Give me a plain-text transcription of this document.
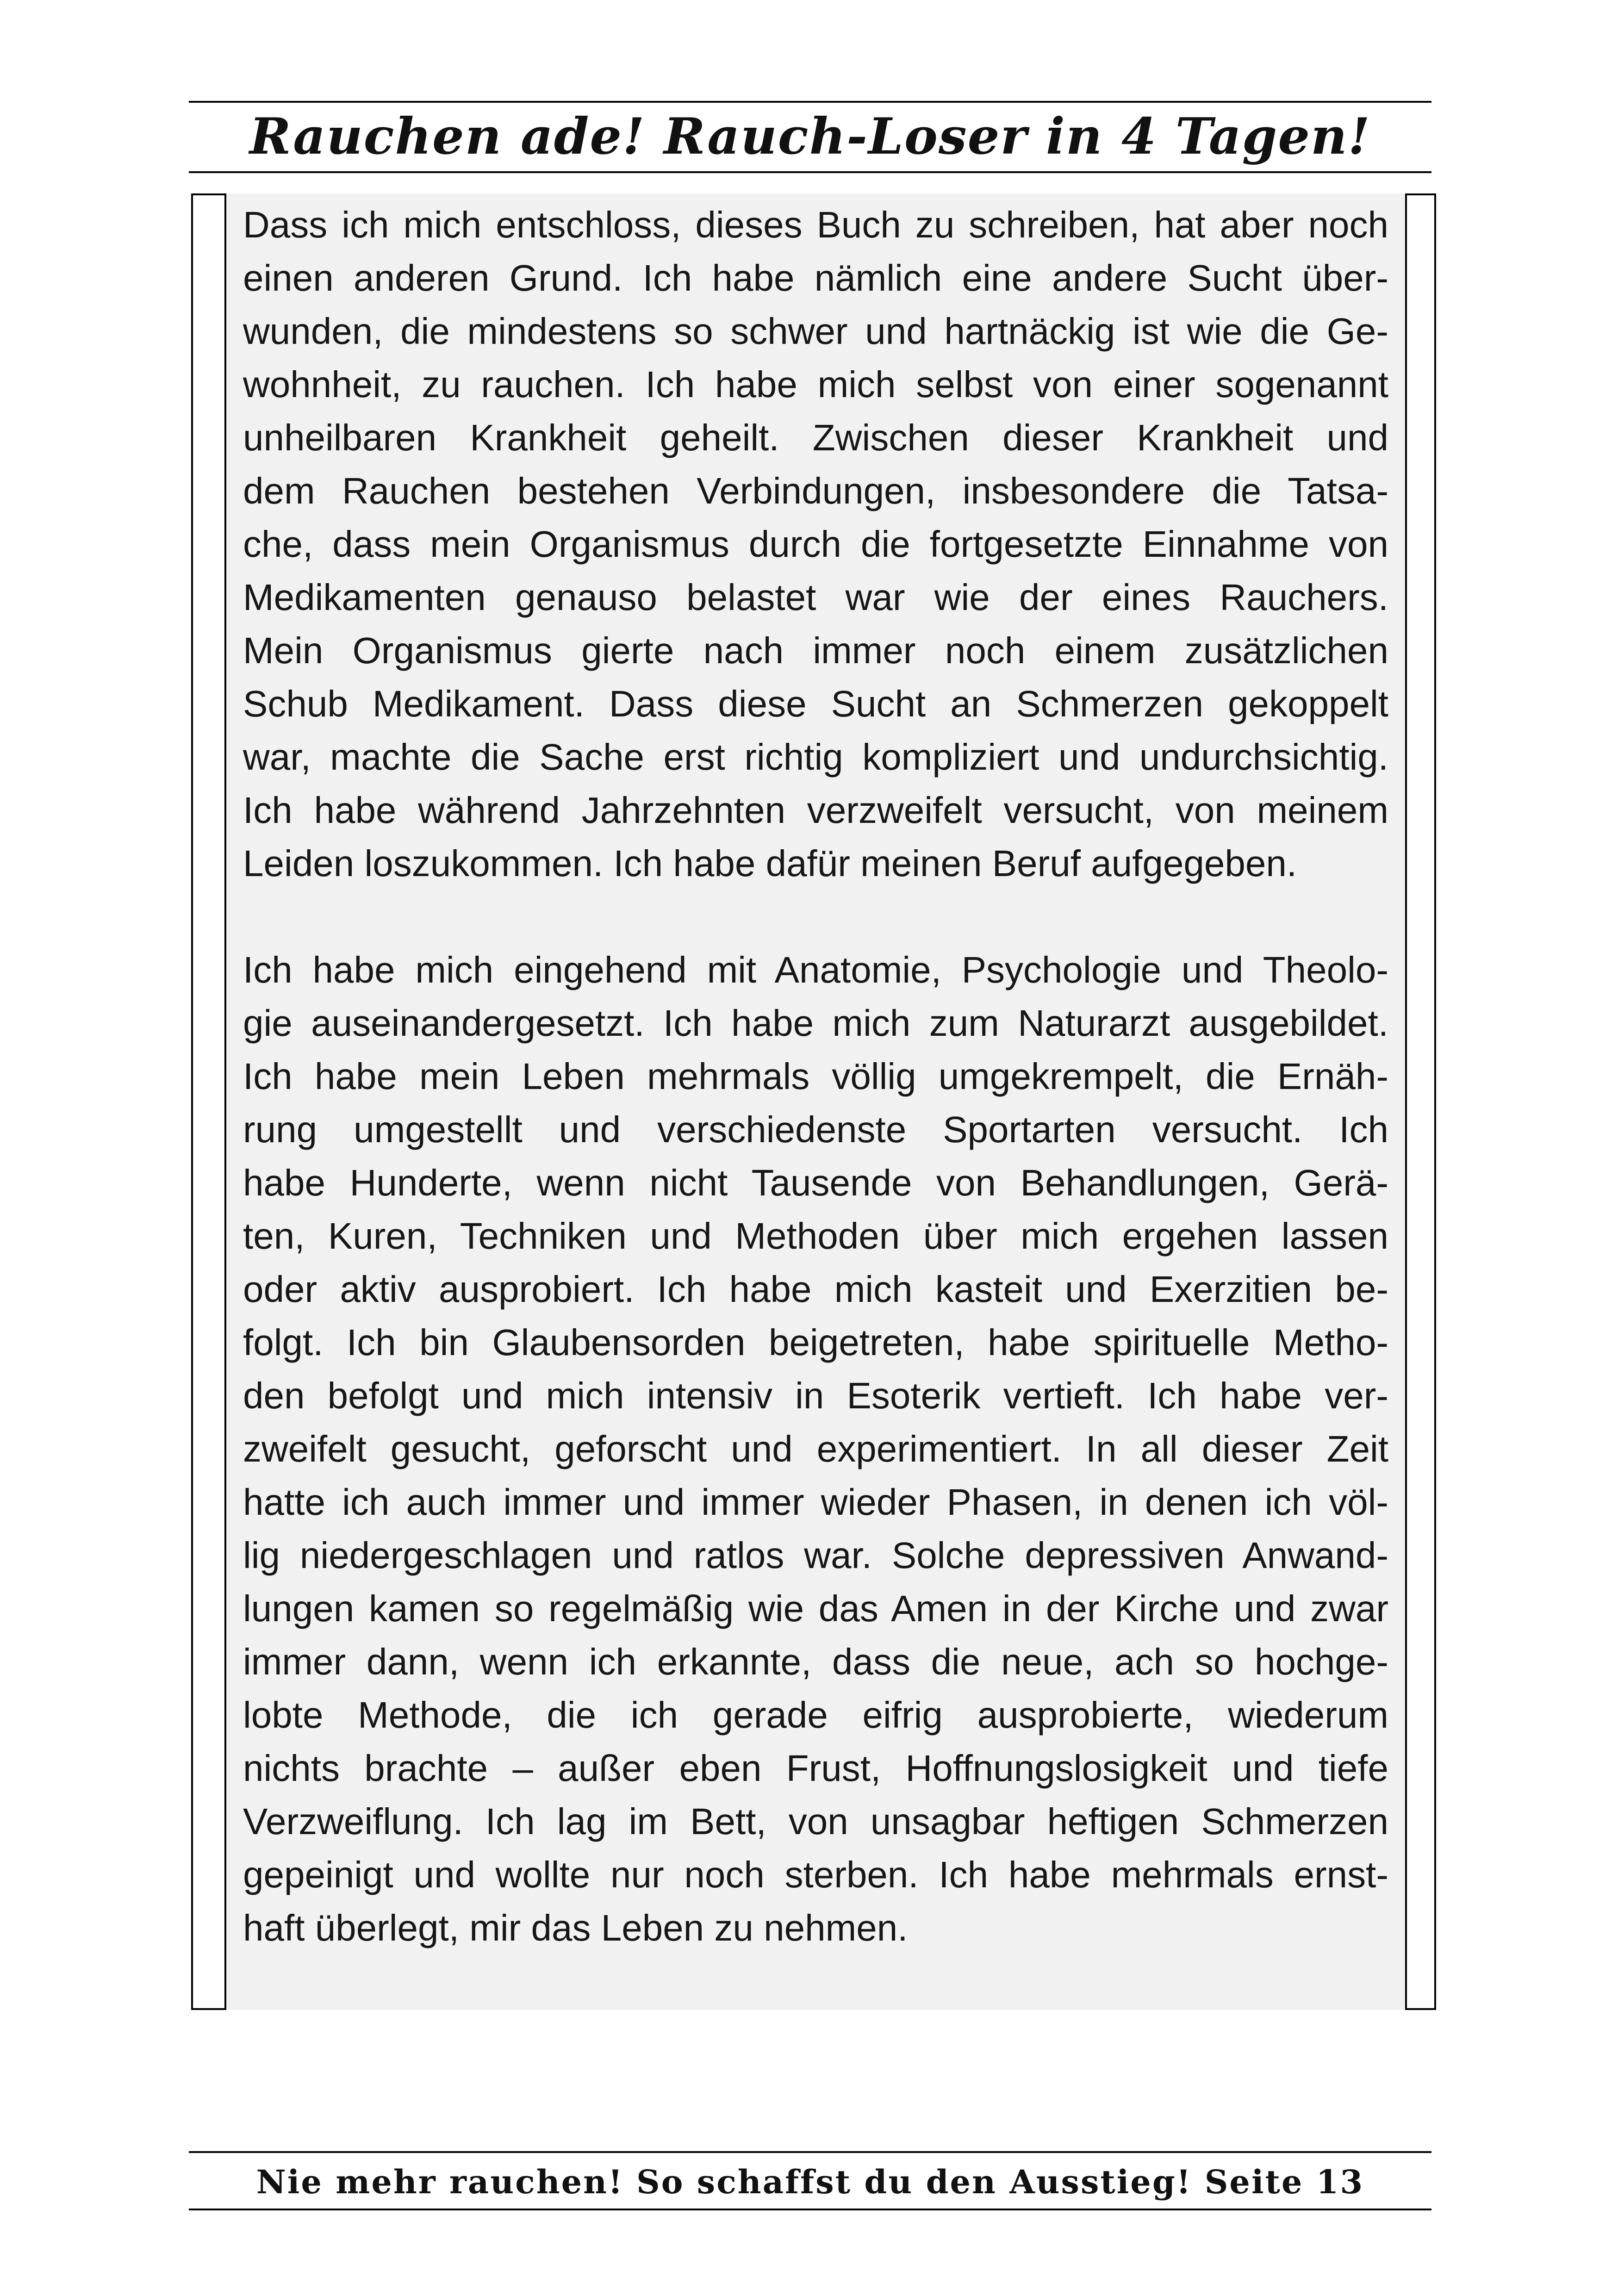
Rauchen ade! Rauch-Loser in 4 Tagen!

Dass ich mich entschloss, dieses Buch zu schreiben, hat aber noch
einen anderen Grund. Ich habe nämlich eine andere Sucht über-
wunden, die mindestens so schwer und hartnäckig ist wie die Ge-
wohnheit, zu rauchen. Ich habe mich selbst von einer sogenannt
unheilbaren Krankheit geheilt. Zwischen dieser Krankheit und
dem Rauchen bestehen Verbindungen, insbesondere die Tatsa-
che, dass mein Organismus durch die fortgesetzte Einnahme von
Medikamenten genauso belastet war wie der eines Rauchers.
Mein Organismus gierte nach immer noch einem zusätzlichen
Schub Medikament. Dass diese Sucht an Schmerzen gekoppelt
war, machte die Sache erst richtig kompliziert und undurchsichtig.
Ich habe während Jahrzehnten verzweifelt versucht, von meinem
Leiden loszukommen. Ich habe dafür meinen Beruf aufgegeben.

Ich habe mich eingehend mit Anatomie, Psychologie und Theolo-
gie auseinandergesetzt. Ich habe mich zum Naturarzt ausgebildet.
Ich habe mein Leben mehrmals völlig umgekrempelt, die Ernäh-
rung umgestellt und verschiedenste Sportarten versucht. Ich
habe Hunderte, wenn nicht Tausende von Behandlungen, Gerä-
ten, Kuren, Techniken und Methoden über mich ergehen lassen
oder aktiv ausprobiert. Ich habe mich kasteit und Exerzitien be-
folgt. Ich bin Glaubensorden beigetreten, habe spirituelle Metho-
den befolgt und mich intensiv in Esoterik vertieft. Ich habe ver-
zweifelt gesucht, geforscht und experimentiert. In all dieser Zeit
hatte ich auch immer und immer wieder Phasen, in denen ich völ-
lig niedergeschlagen und ratlos war. Solche depressiven Anwand-
lungen kamen so regelmäßig wie das Amen in der Kirche und zwar
immer dann, wenn ich erkannte, dass die neue, ach so hochge-
lobte Methode, die ich gerade eifrig ausprobierte, wiederum
nichts brachte – außer eben Frust, Hoffnungslosigkeit und tiefe
Verzweiflung. Ich lag im Bett, von unsagbar heftigen Schmerzen
gepeinigt und wollte nur noch sterben. Ich habe mehrmals ernst-
haft überlegt, mir das Leben zu nehmen.

Nie mehr rauchen! So schaffst du den Ausstieg! Seite 13
